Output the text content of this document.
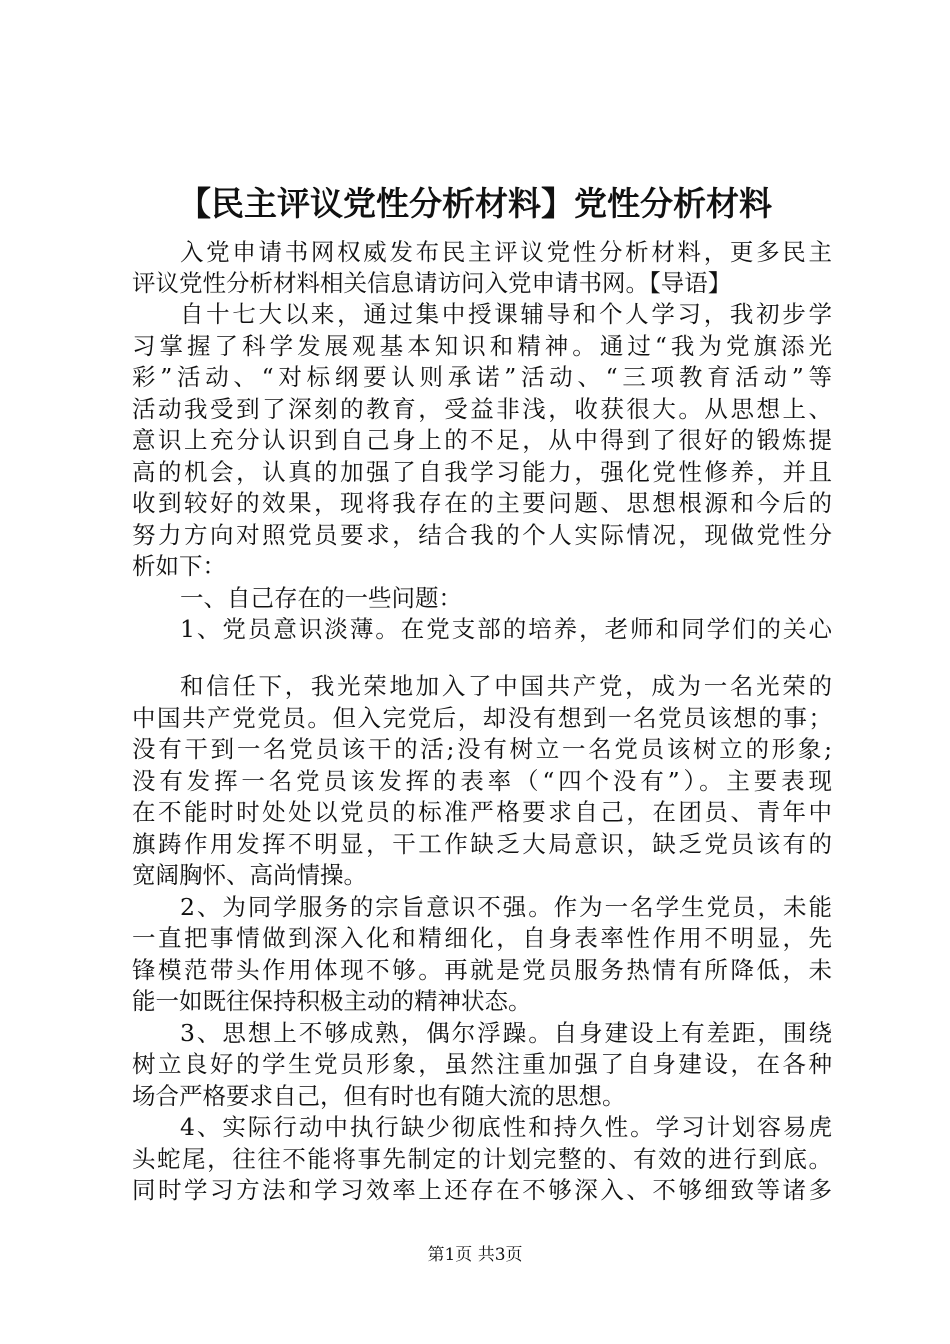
【民主评议党性分析材料】党性分析材料
入党申请书网权威发布民主评议党性分析材料，更多民主
评议党性分析材料相关信息请访问入党申请书网。【导语】
自十七大以来，通过集中授课辅导和个人学习，我初步学
习掌握了科学发展观基本知识和精神。通过“我为党旗添光
彩”活动、“对标纲要认则承诺”活动、“三项教育活动”等
活动我受到了深刻的教育，受益非浅，收获很大。从思想上、
意识上充分认识到自己身上的不足，从中得到了很好的锻炼提
高的机会，认真的加强了自我学习能力，强化党性修养，并且
收到较好的效果，现将我存在的主要问题、思想根源和今后的
努力方向对照党员要求，结合我的个人实际情况，现做党性分
析如下：
一、自己存在的一些问题：
1、党员意识淡薄。在党支部的培养，老师和同学们的关心
和信任下，我光荣地加入了中国共产党，成为一名光荣的
中国共产党党员。但入完党后，却没有想到一名党员该想的事；
没有干到一名党员该干的活;没有树立一名党员该树立的形象;
没有发挥一名党员该发挥的表率（“四个没有”）。主要表现
在不能时时处处以党员的标准严格要求自己，在团员、青年中
旗踌作用发挥不明显，干工作缺乏大局意识，缺乏党员该有的
宽阔胸怀、高尚情操。
2、为同学服务的宗旨意识不强。作为一名学生党员，未能
一直把事情做到深入化和精细化，自身表率性作用不明显，先
锋模范带头作用体现不够。再就是党员服务热情有所降低，未
能一如既往保持积极主动的精神状态。
3、思想上不够成熟，偶尔浮躁。自身建设上有差距，围绕
树立良好的学生党员形象，虽然注重加强了自身建设，在各种
场合严格要求自己，但有时也有随大流的思想。
4、实际行动中执行缺少彻底性和持久性。学习计划容易虎
头蛇尾，往往不能将事先制定的计划完整的、有效的进行到底。
同时学习方法和学习效率上还存在不够深入、不够细致等诸多
第1页 共3页
